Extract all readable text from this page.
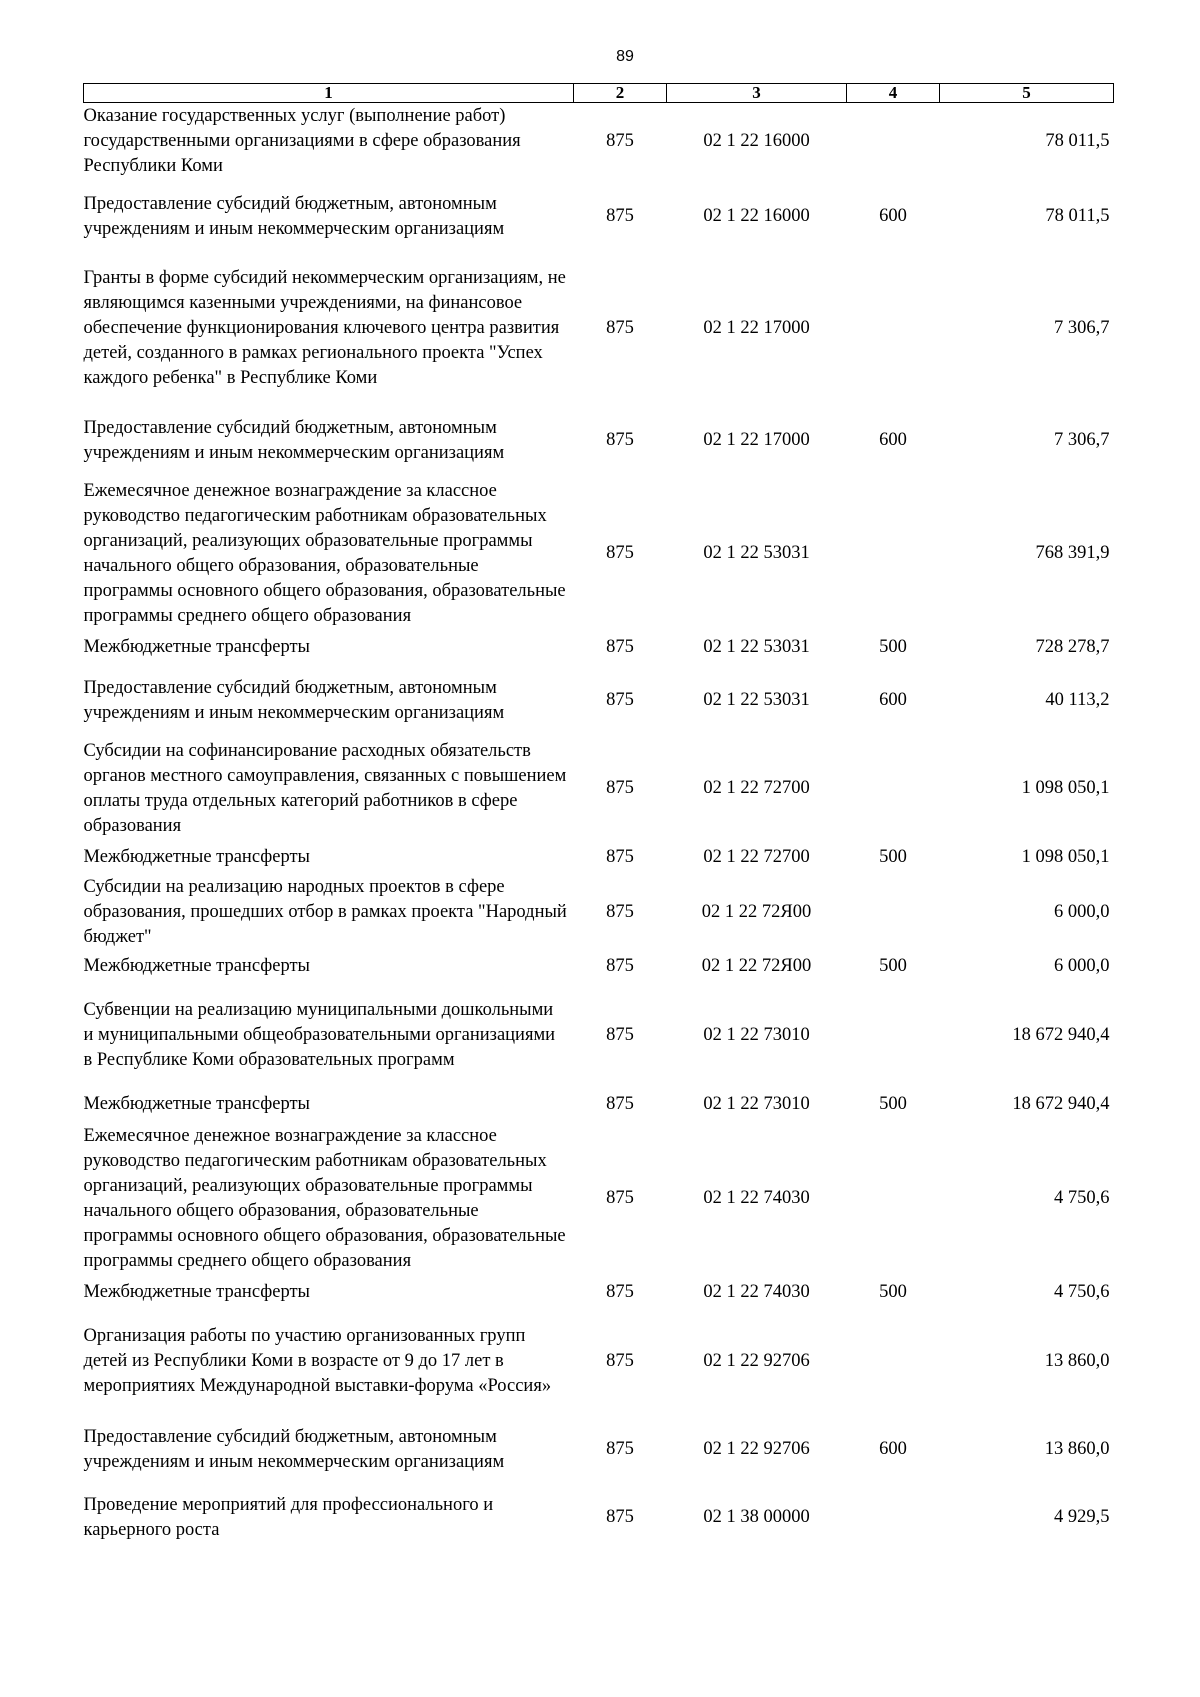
89
1	2	3	4	5
Оказание государственных услуг (выполнение работ) государственными организациями в сфере образования Республики Коми	875	02 1 22 16000		78 011,5
Предоставление субсидий бюджетным, автономным учреждениям и иным некоммерческим организациям	875	02 1 22 16000	600	78 011,5
Гранты в форме субсидий некоммерческим организациям, не являющимся казенными учреждениями, на финансовое обеспечение функционирования ключевого центра развития детей, созданного в рамках регионального проекта "Успех каждого ребенка" в Республике Коми	875	02 1 22 17000		7 306,7
Предоставление субсидий бюджетным, автономным учреждениям и иным некоммерческим организациям	875	02 1 22 17000	600	7 306,7
Ежемесячное денежное вознаграждение за классное руководство педагогическим работникам образовательных организаций, реализующих образовательные программы начального общего образования, образовательные программы основного общего образования, образовательные программы среднего общего образования	875	02 1 22 53031		768 391,9
Межбюджетные трансферты	875	02 1 22 53031	500	728 278,7
Предоставление субсидий бюджетным, автономным учреждениям и иным некоммерческим организациям	875	02 1 22 53031	600	40 113,2
Субсидии на софинансирование расходных обязательств органов местного самоуправления, связанных с повышением оплаты труда отдельных категорий работников в сфере образования	875	02 1 22 72700		1 098 050,1
Межбюджетные трансферты	875	02 1 22 72700	500	1 098 050,1
Субсидии на реализацию народных проектов в сфере образования, прошедших отбор в рамках проекта "Народный бюджет"	875	02 1 22 72Я00		6 000,0
Межбюджетные трансферты	875	02 1 22 72Я00	500	6 000,0
Субвенции на реализацию муниципальными дошкольными и муниципальными общеобразовательными организациями в Республике Коми образовательных программ	875	02 1 22 73010		18 672 940,4
Межбюджетные трансферты	875	02 1 22 73010	500	18 672 940,4
Ежемесячное денежное вознаграждение за классное руководство педагогическим работникам образовательных организаций, реализующих образовательные программы начального общего образования, образовательные программы основного общего образования, образовательные программы среднего общего образования	875	02 1 22 74030		4 750,6
Межбюджетные трансферты	875	02 1 22 74030	500	4 750,6
Организация работы по участию организованных групп детей из Республики Коми в возрасте от 9 до 17 лет в мероприятиях Международной выставки-форума «Россия»	875	02 1 22 92706		13 860,0
Предоставление субсидий бюджетным, автономным учреждениям и иным некоммерческим организациям	875	02 1 22 92706	600	13 860,0
Проведение мероприятий для профессионального и карьерного роста	875	02 1 38 00000		4 929,5
